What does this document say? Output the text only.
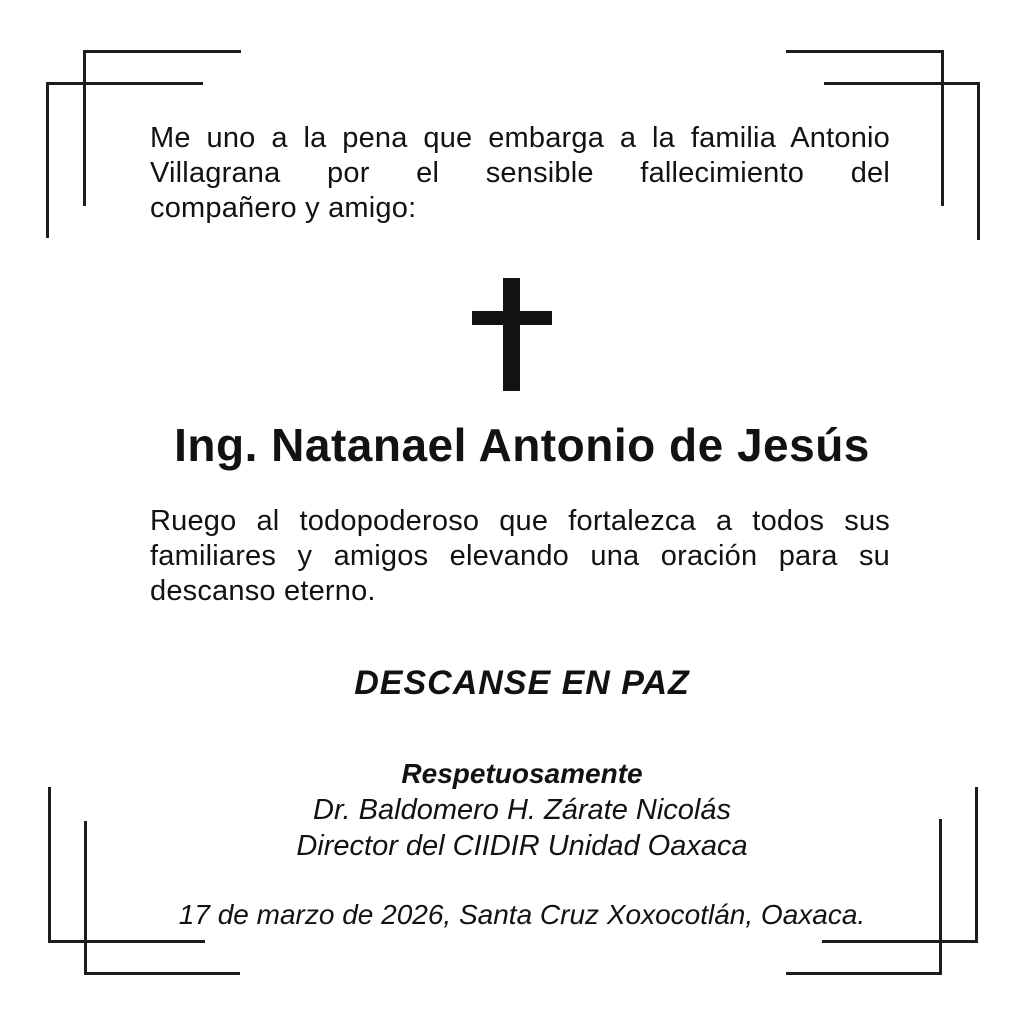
Me uno a la pena que embarga a la familia Antonio
Villagrana por el sensible fallecimiento del
compañero y amigo:
Ing. Natanael Antonio de Jesús
Ruego al todopoderoso que fortalezca a todos sus
familiares y amigos elevando una oración para su
descanso eterno.
DESCANSE EN PAZ
Respetuosamente
Dr. Baldomero H. Zárate Nicolás
Director del CIIDIR Unidad Oaxaca
17 de marzo de 2026, Santa Cruz Xoxocotlán, Oaxaca.
